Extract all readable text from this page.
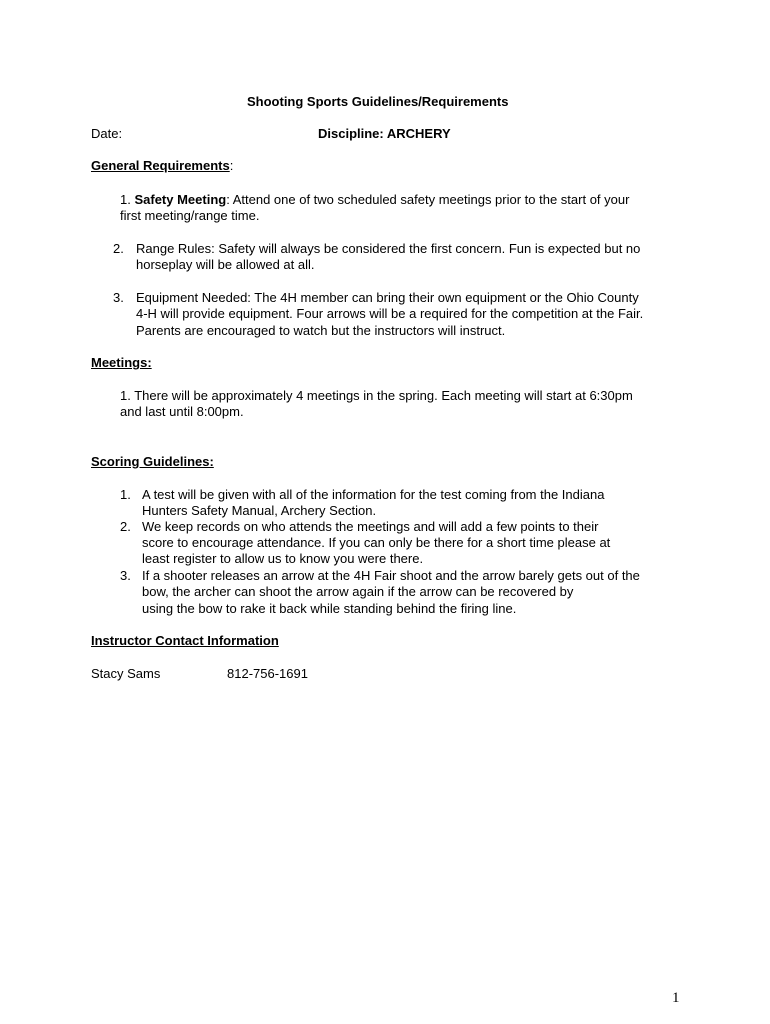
Shooting Sports Guidelines/Requirements
Date:	Discipline: ARCHERY
General Requirements:
1. Safety Meeting: Attend one of two scheduled safety meetings prior to the start of your
first meeting/range time.
2. Range Rules: Safety will always be considered the first concern. Fun is expected but no
horseplay will be allowed at all.
3. Equipment Needed: The 4H member can bring their own equipment or the Ohio County
4-H will provide equipment. Four arrows will be a required for the competition at the Fair.
Parents are encouraged to watch but the instructors will instruct.
Meetings:
1. There will be approximately 4 meetings in the spring. Each meeting will start at 6:30pm
and last until 8:00pm.
Scoring Guidelines:
1. A test will be given with all of the information for the test coming from the Indiana
Hunters Safety Manual, Archery Section.
2. We keep records on who attends the meetings and will add a few points to their
score to encourage attendance. If you can only be there for a short time please at
least register to allow us to know you were there.
3. If a shooter releases an arrow at the 4H Fair shoot and the arrow barely gets out of the
bow, the archer can shoot the arrow again if the arrow can be recovered by
using the bow to rake it back while standing behind the firing line.
Instructor Contact Information
Stacy Sams	812-756-1691
1
